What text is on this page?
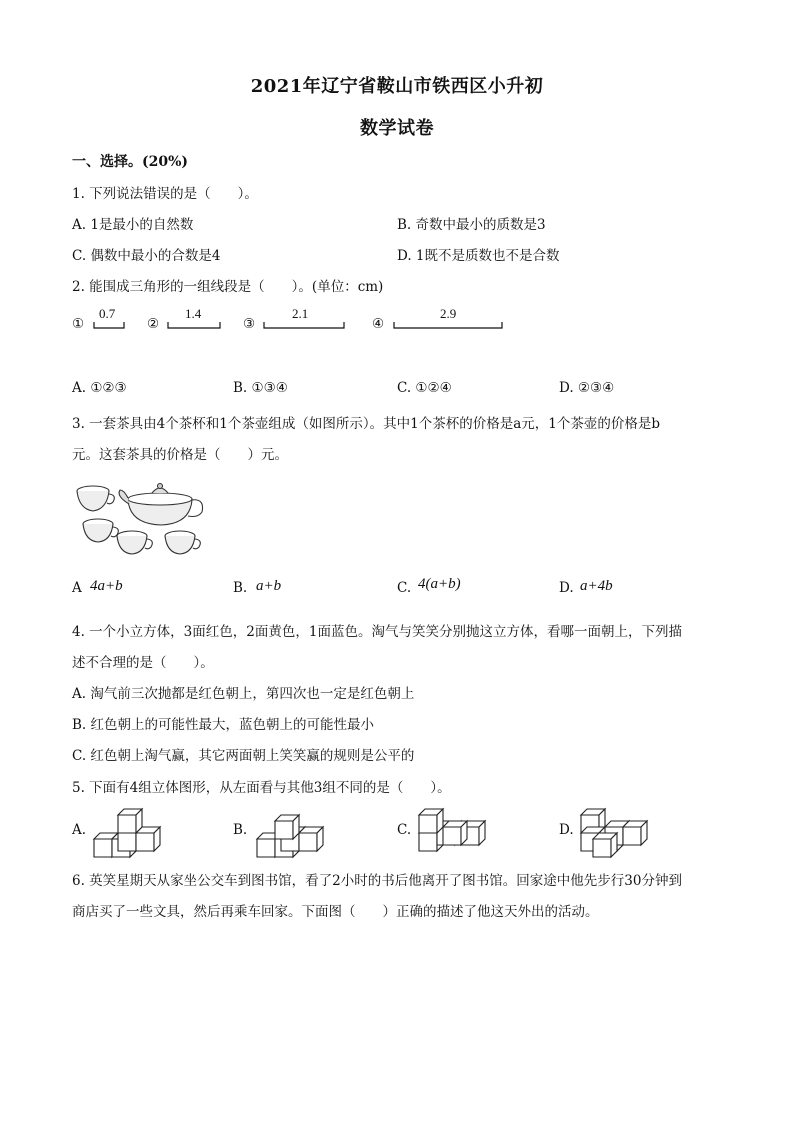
2021年辽宁省鞍山市铁西区小升初
数学试卷
一、选择。(20%)
1. 下列说法错误的是（　　）。
A. 1是最小的自然数	B. 奇数中最小的质数是3
C. 偶数中最小的合数是4	D. 1既不是质数也不是合数
2. 能围成三角形的一组线段是（　　）。(单位：cm)
①
0.7
②
1.4
③
2.1
④
2.9
A. ①②③	B. ①③④	C. ①②④	D. ②③④
3. 一套茶具由4个茶杯和1个茶壶组成（如图所示）。其中1个茶杯的价格是a元，1个茶壶的价格是b
元。这套茶具的价格是（　　）元。
A 4a+b	B. a+b	C. 4(a+b)	D. a+4b
4. 一个小立方体，3面红色，2面黄色，1面蓝色。淘气与笑笑分别抛这立方体，看哪一面朝上，下列描
述不合理的是（　　）。
A. 淘气前三次抛都是红色朝上，第四次也一定是红色朝上
B. 红色朝上的可能性最大，蓝色朝上的可能性最小
C. 红色朝上淘气赢，其它两面朝上笑笑赢的规则是公平的
5. 下面有4组立体图形，从左面看与其他3组不同的是（　　）。
A.	B.	C.	D.
6. 英笑星期天从家坐公交车到图书馆，看了2小时的书后他离开了图书馆。回家途中他先步行30分钟到
商店买了一些文具，然后再乘车回家。下面图（　　）正确的描述了他这天外出的活动。
